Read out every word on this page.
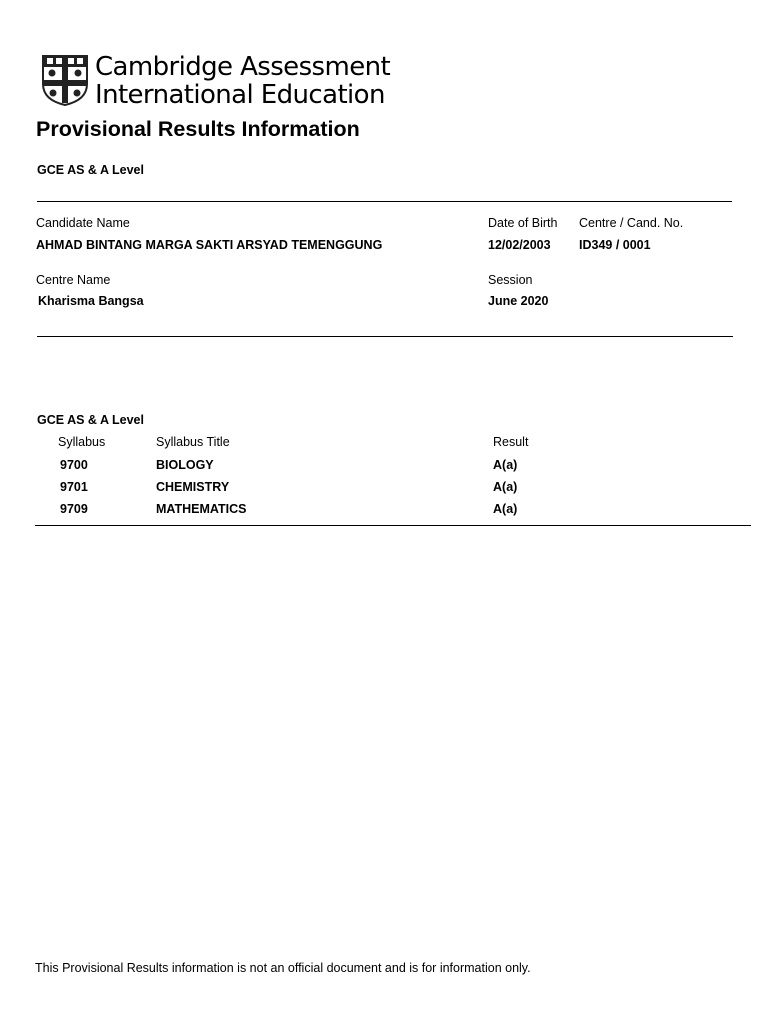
Cambridge Assessment
International Education
Provisional Results Information
GCE AS & A Level
Candidate Name
AHMAD BINTANG MARGA SAKTI ARSYAD TEMENGGUNG
Date of Birth
12/02/2003
Centre / Cand. No.
ID349 / 0001
Centre Name
Kharisma Bangsa
Session
June 2020
GCE AS & A Level
Syllabus	Syllabus Title	Result
9700	BIOLOGY	A(a)
9701	CHEMISTRY	A(a)
9709	MATHEMATICS	A(a)
This Provisional Results information is not an official document and is for information only.
